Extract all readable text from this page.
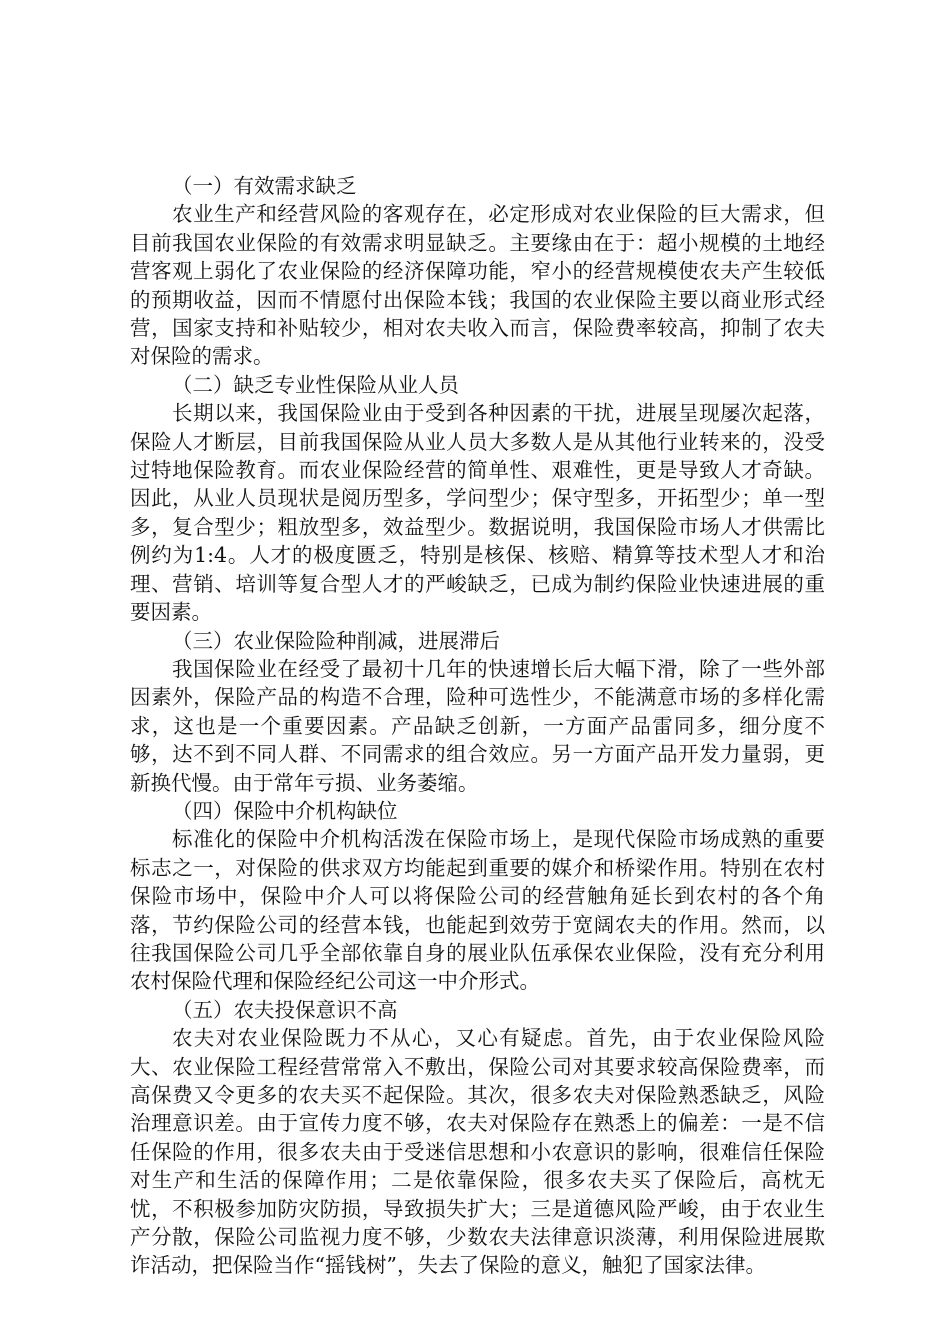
（一）有效需求缺乏

农业生产和经营风险的客观存在，必定形成对农业保险的巨大需求，但目前我国农业保险的有效需求明显缺乏。主要缘由在于：超小规模的土地经营客观上弱化了农业保险的经济保障功能，窄小的经营规模使农夫产生较低的预期收益，因而不情愿付出保险本钱；我国的农业保险主要以商业形式经营，国家支持和补贴较少，相对农夫收入而言，保险费率较高，抑制了农夫对保险的需求。

（二）缺乏专业性保险从业人员

长期以来，我国保险业由于受到各种因素的干扰，进展呈现屡次起落，保险人才断层，目前我国保险从业人员大多数人是从其他行业转来的，没受过特地保险教育。而农业保险经营的简单性、艰难性，更是导致人才奇缺。因此，从业人员现状是阅历型多，学问型少；保守型多，开拓型少；单一型多，复合型少；粗放型多，效益型少。数据说明，我国保险市场人才供需比例约为1:4。人才的极度匮乏，特别是核保、核赔、精算等技术型人才和治理、营销、培训等复合型人才的严峻缺乏，已成为制约保险业快速进展的重要因素。

（三）农业保险险种削减，进展滞后

我国保险业在经受了最初十几年的快速增长后大幅下滑，除了一些外部因素外，保险产品的构造不合理，险种可选性少，不能满意市场的多样化需求，这也是一个重要因素。产品缺乏创新，一方面产品雷同多，细分度不够，达不到不同人群、不同需求的组合效应。另一方面产品开发力量弱，更新换代慢。由于常年亏损、业务萎缩。

（四）保险中介机构缺位

标准化的保险中介机构活泼在保险市场上，是现代保险市场成熟的重要标志之一，对保险的供求双方均能起到重要的媒介和桥梁作用。特别在农村保险市场中，保险中介人可以将保险公司的经营触角延长到农村的各个角落，节约保险公司的经营本钱，也能起到效劳于宽阔农夫的作用。然而，以往我国保险公司几乎全部依靠自身的展业队伍承保农业保险，没有充分利用农村保险代理和保险经纪公司这一中介形式。

（五）农夫投保意识不高

农夫对农业保险既力不从心，又心有疑虑。首先，由于农业保险风险大、农业保险工程经营常常入不敷出，保险公司对其要求较高保险费率，而高保费又令更多的农夫买不起保险。其次，很多农夫对保险熟悉缺乏，风险治理意识差。由于宣传力度不够，农夫对保险存在熟悉上的偏差：一是不信任保险的作用，很多农夫由于受迷信思想和小农意识的影响，很难信任保险对生产和生活的保障作用；二是依靠保险，很多农夫买了保险后，高枕无忧，不积极参加防灾防损，导致损失扩大；三是道德风险严峻，由于农业生产分散，保险公司监视力度不够，少数农夫法律意识淡薄，利用保险进展欺诈活动，把保险当作“摇钱树”，失去了保险的意义，触犯了国家法律。
